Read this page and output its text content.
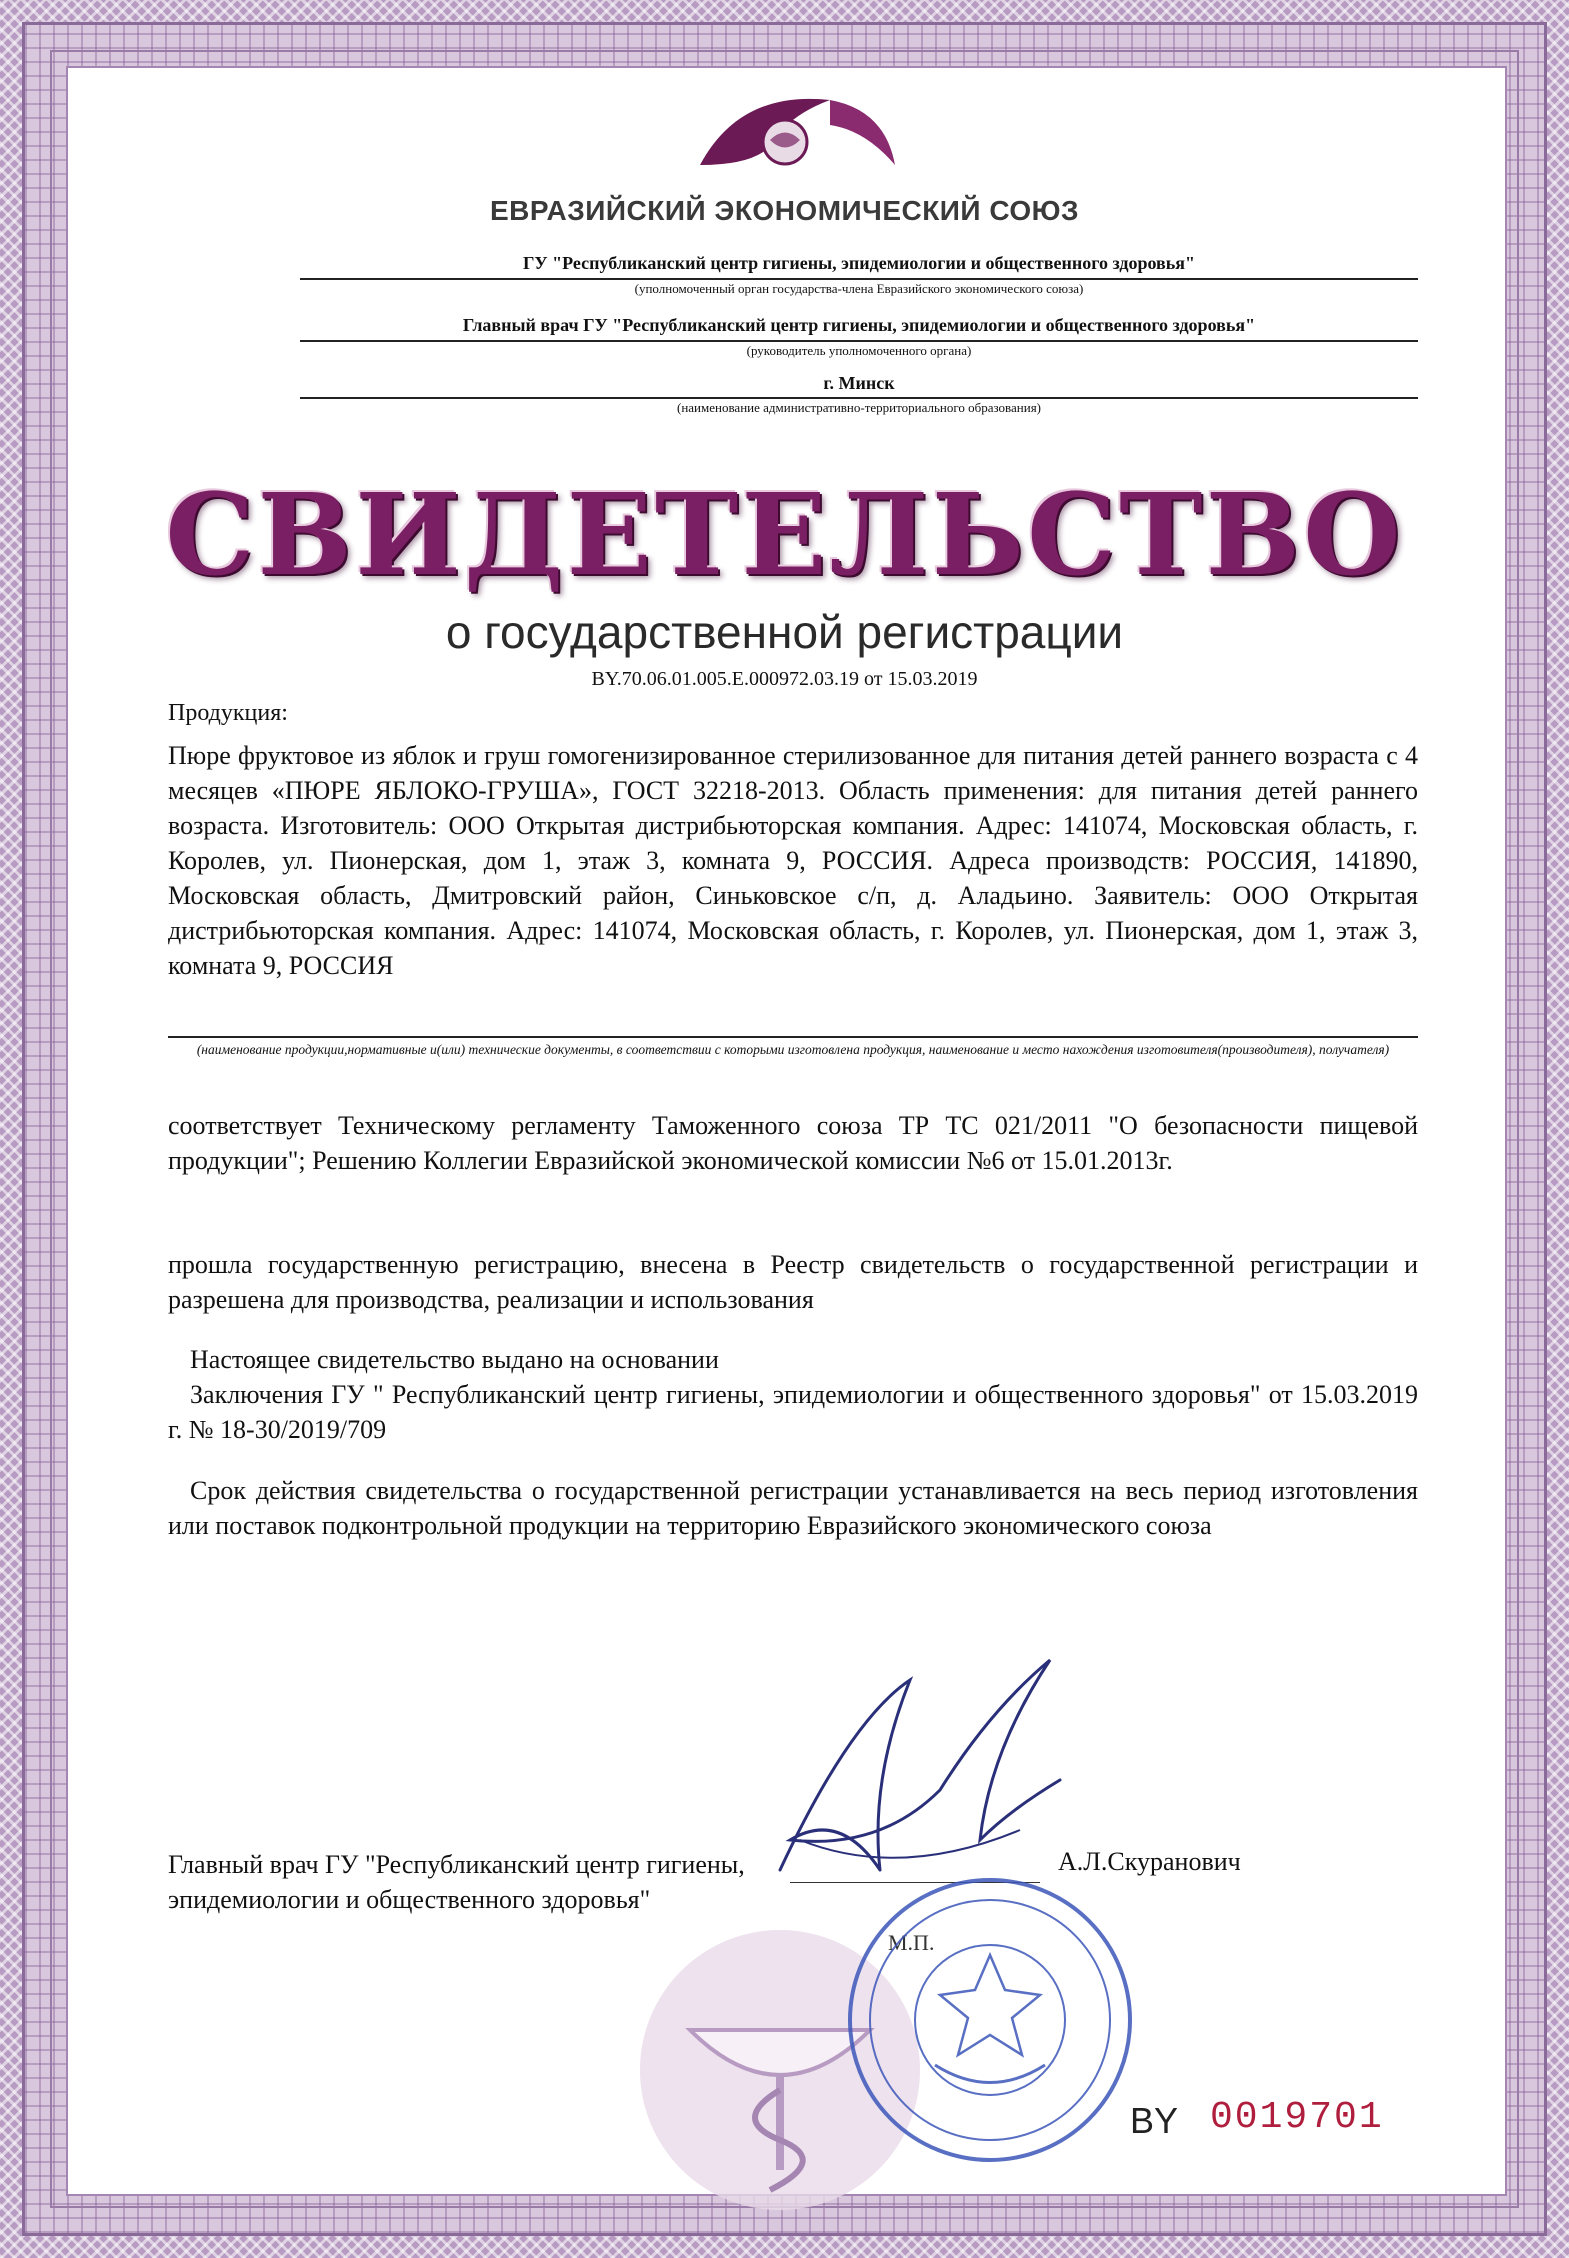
ЕВРАЗИЙСКИЙ ЭКОНОМИЧЕСКИЙ СОЮЗ
ГУ "Республиканский центр гигиены, эпидемиологии и общественного здоровья"
(уполномоченный орган государства-члена Евразийского экономического союза)
Главный врач ГУ "Республиканский центр гигиены, эпидемиологии и общественного здоровья"
(руководитель уполномоченного органа)
г. Минск
(наименование административно-территориального образования)
СВИДЕТЕЛЬСТВО
о государственной регистрации
BY.70.06.01.005.Е.000972.03.19 от 15.03.2019
Продукция:
Пюре фруктовое из яблок и груш гомогенизированное стерилизованное для питания детей раннего возраста с 4 месяцев «ПЮРЕ ЯБЛОКО-ГРУША», ГОСТ 32218-2013. Область применения: для питания детей раннего возраста. Изготовитель: ООО Открытая дистрибьюторская компания. Адрес: 141074, Московская область, г. Королев, ул. Пионерская, дом 1, этаж 3, комната 9, РОССИЯ. Адреса производств: РОССИЯ, 141890, Московская область, Дмитровский район, Синьковское с/п, д. Аладьино. Заявитель: ООО Открытая дистрибьюторская компания. Адрес: 141074, Московская область, г. Королев, ул. Пионерская, дом 1, этаж 3, комната 9, РОССИЯ
(наименование продукции,нормативные и(или) технические документы, в соответствии с которыми изготовлена продукция, наименование и место нахождения изготовителя(производителя), получателя)
соответствует Техническому регламенту Таможенного союза ТР ТС 021/2011 "О безопасности пищевой продукции"; Решению Коллегии Евразийской экономической комиссии №6 от 15.01.2013г.
прошла государственную регистрацию, внесена в Реестр свидетельств о государственной регистрации и разрешена для производства, реализации и использования
Настоящее свидетельство выдано на основании
Заключения ГУ " Республиканский центр гигиены, эпидемиологии и общественного здоровья" от 15.03.2019 г. № 18-30/2019/709
Срок действия свидетельства о государственной регистрации устанавливается на весь период изготовления или поставок подконтрольной продукции на территорию Евразийского экономического союза
Главный врач ГУ "Республиканский центр гигиены, эпидемиологии и общественного здоровья"
А.Л.Скуранович
М.П.
BY 0019701
